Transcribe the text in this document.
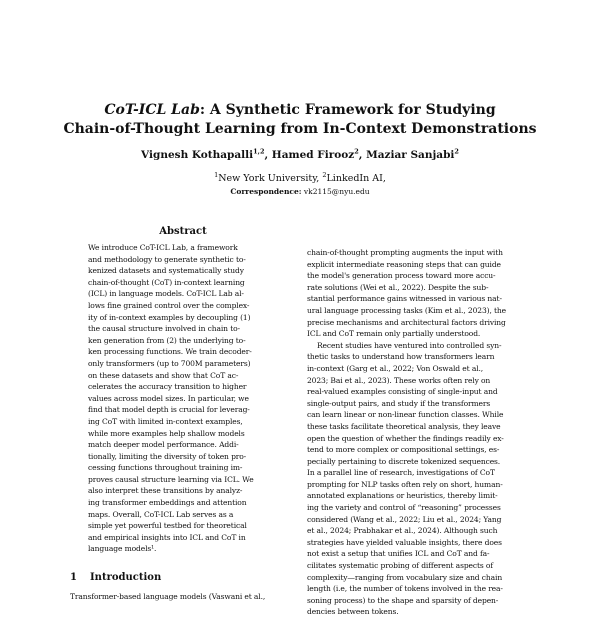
CoT-ICL Lab: A Synthetic Framework for Studying
Chain-of-Thought Learning from In-Context Demonstrations
Vignesh Kothapalli$^{1,2}$, Hamed Firooz$^2$, Maziar Sanjabi$^2$
$^1$New York University, $^2$LinkedIn AI,
Correspondence: vk2115@nyu.edu
Abstract
We introduce CoT-ICL Lab, a framework
and methodology to generate synthetic to-
kenized datasets and systematically study
chain-of-thought (CoT) in-context learning
(ICL) in language models. CoT-ICL Lab al-
lows fine grained control over the complex-
ity of in-context examples by decoupling (1)
the causal structure involved in chain to-
ken generation from (2) the underlying to-
ken processing functions. We train decoder-
only transformers (up to 700M parameters)
on these datasets and show that CoT ac-
celerates the accuracy transition to higher
values across model sizes. In particular, we
find that model depth is crucial for leverag-
ing CoT with limited in-context examples,
while more examples help shallow models
match deeper model performance. Addi-
tionally, limiting the diversity of token pro-
cessing functions throughout training im-
proves causal structure learning via ICL. We
also interpret these transitions by analyz-
ing transformer embeddings and attention
maps. Overall, CoT-ICL Lab serves as a
simple yet powerful testbed for theoretical
and empirical insights into ICL and CoT in
language models¹.
1 Introduction
Transformer-based language models (Vaswani et al.,
chain-of-thought prompting augments the input with
explicit intermediate reasoning steps that can guide
the model's generation process toward more accu-
rate solutions (Wei et al., 2022). Despite the sub-
stantial performance gains witnessed in various nat-
ural language processing tasks (Kim et al., 2023), the
precise mechanisms and architectural factors driving
ICL and CoT remain only partially understood.
Recent studies have ventured into controlled syn-
thetic tasks to understand how transformers learn
in-context (Garg et al., 2022; Von Oswald et al.,
2023; Bai et al., 2023). These works often rely on
real-valued examples consisting of single-input and
single-output pairs, and study if the transformers
can learn linear or non-linear function classes. While
these tasks facilitate theoretical analysis, they leave
open the question of whether the findings readily ex-
tend to more complex or compositional settings, es-
pecially pertaining to discrete tokenized sequences.
In a parallel line of research, investigations of CoT
prompting for NLP tasks often rely on short, human-
annotated explanations or heuristics, thereby limit-
ing the variety and control of “reasoning” processes
considered (Wang et al., 2022; Liu et al., 2024; Yang
et al., 2024; Prabhakar et al., 2024). Although such
strategies have yielded valuable insights, there does
not exist a setup that unifies ICL and CoT and fa-
cilitates systematic probing of different aspects of
complexity—ranging from vocabulary size and chain
length (i.e, the number of tokens involved in the rea-
soning process) to the shape and sparsity of depen-
dencies between tokens.
